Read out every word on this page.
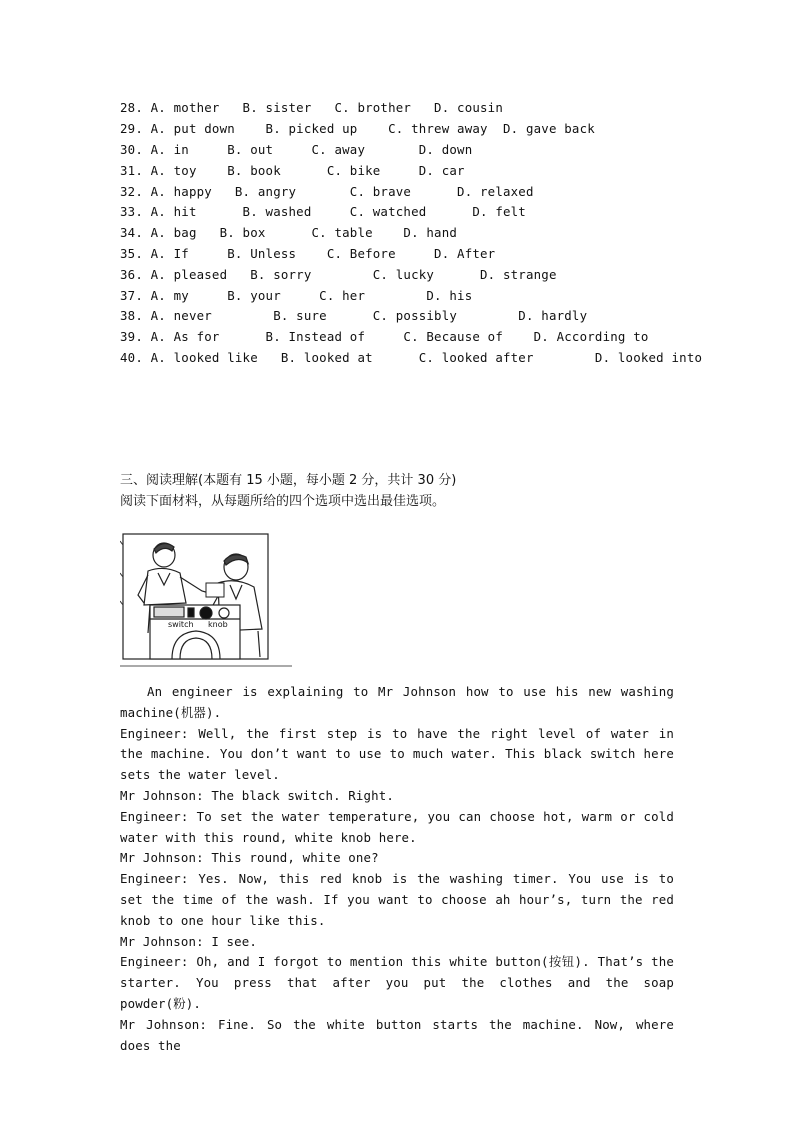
28. A. mother   B. sister   C. brother   D. cousin
29. A. put down    B. picked up    C. threw away  D. gave back
30. A. in     B. out     C. away       D. down
31. A. toy    B. book      C. bike     D. car
32. A. happy   B. angry       C. brave      D. relaxed
33. A. hit      B. washed     C. watched      D. felt
34. A. bag   B. box      C. table    D. hand
35. A. If     B. Unless    C. Before     D. After
36. A. pleased   B. sorry        C. lucky      D. strange
37. A. my     B. your     C. her        D. his
38. A. never        B. sure      C. possibly        D. hardly
39. A. As for      B. Instead of     C. Because of    D. According to
40. A. looked like   B. looked at      C. looked after        D. looked into
三、阅读理解(本题有 15 小题，每小题 2 分，共计 30 分)
阅读下面材料，从每题所给的四个选项中选出最佳选项。
switch knob

An engineer is explaining to Mr Johnson how to use his new washing machine(机器).

Engineer: Well, the first step is to have the right level of water in the machine. You don’t want to use to much water. This black switch here sets the water level.

Mr Johnson: The black switch. Right.

Engineer: To set the water temperature, you can choose hot, warm or cold water with this round, white knob here.

Mr Johnson: This round, white one?

Engineer: Yes. Now, this red knob is the washing timer. You use is to set the time of the wash. If you want to choose ah hour’s, turn the red knob to one hour like this.

Mr Johnson: I see.

Engineer: Oh, and I forgot to mention this white button(按钮). That’s the starter. You press that after you put the clothes and the soap powder(粉).

Mr Johnson: Fine. So the white button starts the machine. Now, where does the
